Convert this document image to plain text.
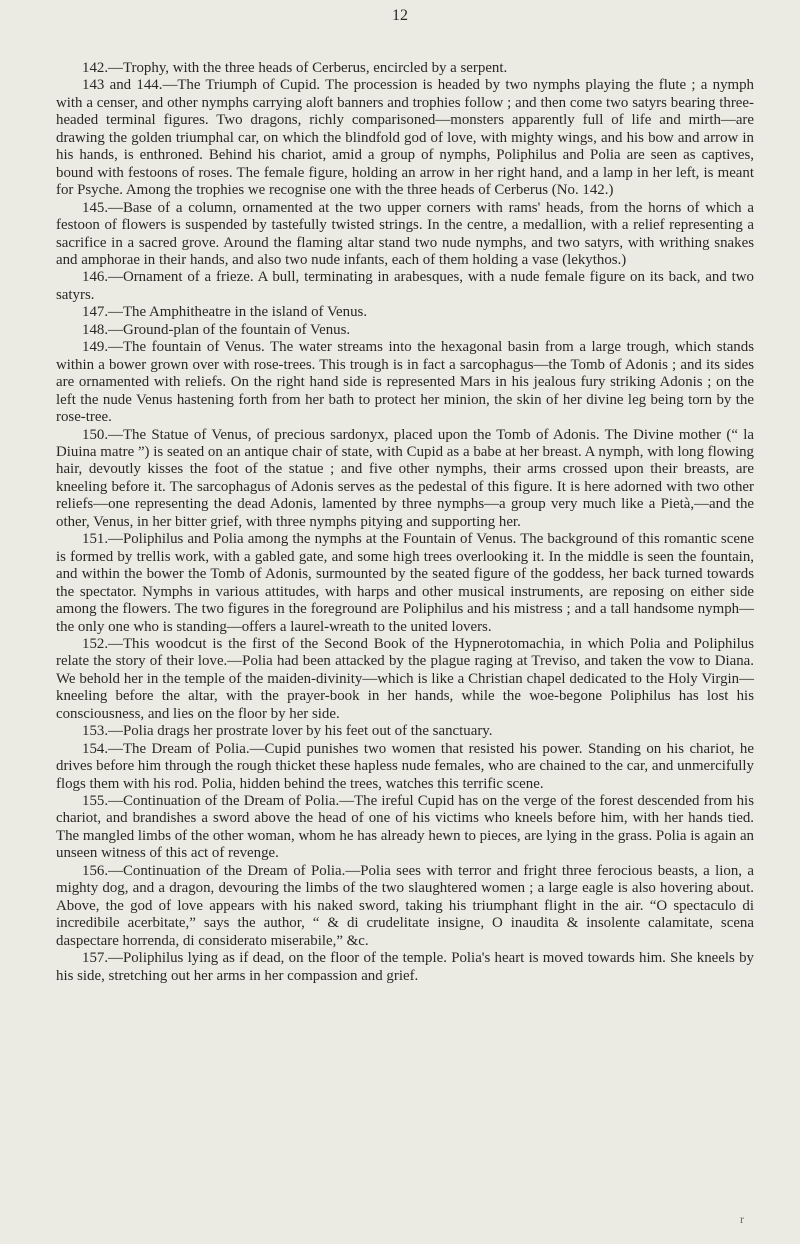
12

142.—Trophy, with the three heads of Cerberus, encircled by a serpent.

143 and 144.—The Triumph of Cupid. The procession is headed by two nymphs playing the flute ; a nymph with a censer, and other nymphs carrying aloft banners and trophies follow ; and then come two satyrs bearing three-headed terminal figures. Two dragons, richly comparisoned—monsters apparently full of life and mirth—are drawing the golden triumphal car, on which the blindfold god of love, with mighty wings, and his bow and arrow in his hands, is enthroned. Behind his chariot, amid a group of nymphs, Poliphilus and Polia are seen as captives, bound with festoons of roses. The female figure, holding an arrow in her right hand, and a lamp in her left, is meant for Psyche. Among the trophies we recognise one with the three heads of Cerberus (No. 142.)

145.—Base of a column, ornamented at the two upper corners with rams' heads, from the horns of which a festoon of flowers is suspended by tastefully twisted strings. In the centre, a medallion, with a relief representing a sacrifice in a sacred grove. Around the flaming altar stand two nude nymphs, and two satyrs, with writhing snakes and amphorae in their hands, and also two nude infants, each of them holding a vase (lekythos.)

146.—Ornament of a frieze. A bull, terminating in arabesques, with a nude female figure on its back, and two satyrs.

147.—The Amphitheatre in the island of Venus.

148.—Ground-plan of the fountain of Venus.

149.—The fountain of Venus. The water streams into the hexagonal basin from a large trough, which stands within a bower grown over with rose-trees. This trough is in fact a sarcophagus—the Tomb of Adonis ; and its sides are ornamented with reliefs. On the right hand side is represented Mars in his jealous fury striking Adonis ; on the left the nude Venus hastening forth from her bath to protect her minion, the skin of her divine leg being torn by the rose-tree.

150.—The Statue of Venus, of precious sardonyx, placed upon the Tomb of Adonis. The Divine mother (“ la Diuina matre ”) is seated on an antique chair of state, with Cupid as a babe at her breast. A nymph, with long flowing hair, devoutly kisses the foot of the statue ; and five other nymphs, their arms crossed upon their breasts, are kneeling before it. The sarcophagus of Adonis serves as the pedestal of this figure. It is here adorned with two other reliefs—one representing the dead Adonis, lamented by three nymphs—a group very much like a Pietà,—and the other, Venus, in her bitter grief, with three nymphs pitying and supporting her.

151.—Poliphilus and Polia among the nymphs at the Fountain of Venus. The background of this romantic scene is formed by trellis work, with a gabled gate, and some high trees overlooking it. In the middle is seen the fountain, and within the bower the Tomb of Adonis, surmounted by the seated figure of the goddess, her back turned towards the spectator. Nymphs in various attitudes, with harps and other musical instruments, are reposing on either side among the flowers. The two figures in the foreground are Poliphilus and his mistress ; and a tall handsome nymph—the only one who is standing—offers a laurel-wreath to the united lovers.

152.—This woodcut is the first of the Second Book of the Hypnerotomachia, in which Polia and Poliphilus relate the story of their love.—Polia had been attacked by the plague raging at Treviso, and taken the vow to Diana. We behold her in the temple of the maiden-divinity—which is like a Christian chapel dedicated to the Holy Virgin—kneeling before the altar, with the prayer-book in her hands, while the woe-begone Poliphilus has lost his consciousness, and lies on the floor by her side.

153.—Polia drags her prostrate lover by his feet out of the sanctuary.

154.—The Dream of Polia.—Cupid punishes two women that resisted his power. Standing on his chariot, he drives before him through the rough thicket these hapless nude females, who are chained to the car, and unmercifully flogs them with his rod. Polia, hidden behind the trees, watches this terrific scene.

155.—Continuation of the Dream of Polia.—The ireful Cupid has on the verge of the forest descended from his chariot, and brandishes a sword above the head of one of his victims who kneels before him, with her hands tied. The mangled limbs of the other woman, whom he has already hewn to pieces, are lying in the grass. Polia is again an unseen witness of this act of revenge.

156.—Continuation of the Dream of Polia.—Polia sees with terror and fright three ferocious beasts, a lion, a mighty dog, and a dragon, devouring the limbs of the two slaughtered women ; a large eagle is also hovering about. Above, the god of love appears with his naked sword, taking his triumphant flight in the air. “O spectaculo di incredibile acerbitate,” says the author, “ & di crudelitate insigne, O inaudita & insolente calamitate, scena daspectare horrenda, di considerato miserabile,” &c.

157.—Poliphilus lying as if dead, on the floor of the temple. Polia's heart is moved towards him. She kneels by his side, stretching out her arms in her compassion and grief.

r
